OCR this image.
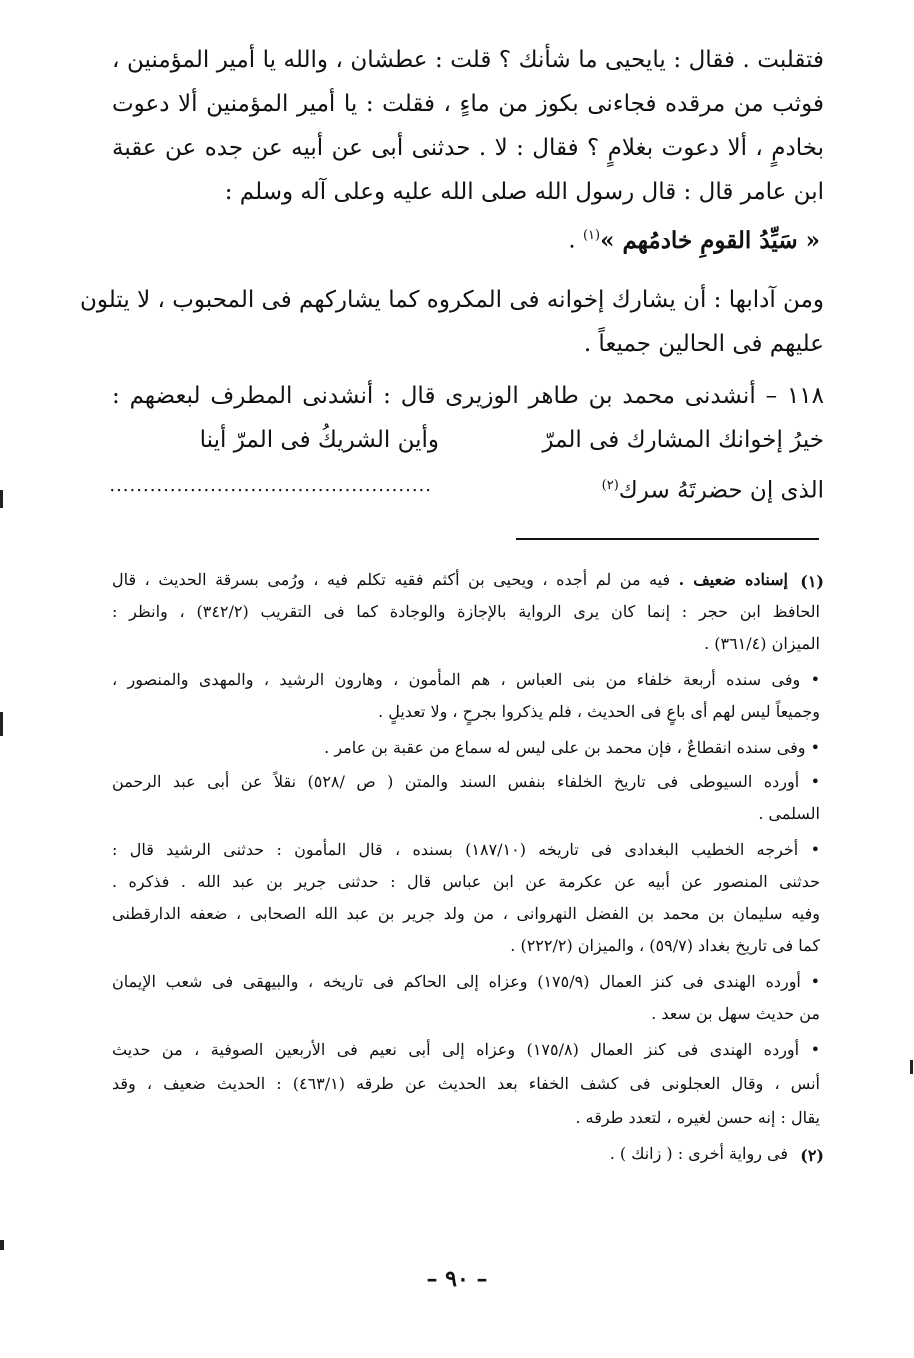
فتقلبت . فقال : يايحيى ما شأنك ؟ قلت : عطشان ، والله يا أمير المؤمنين ،
فوثب من مرقده فجاءنى بكوز من ماءٍ ، فقلت : يا أمير المؤمنين ألا دعوت
بخادمٍ ، ألا دعوت بغلامٍ ؟ فقال : لا . حدثنى أبى عن أبيه عن جده عن عقبة
ابن عامر قال : قال رسول الله صلى الله عليه وعلى آله وسلم :
« سَيِّدُ القومِ خادمُهم »$^{(١)}$ .
ومن آدابها : أن يشارك إخوانه فى المكروه كما يشاركهم فى المحبوب ، لا يتلون
عليهم فى الحالين جميعاً .
١١٨ – أنشدنى محمد بن طاهر الوزيرى قال : أنشدنى المطرف لبعضهم :
خيرُ إخوانك المشارك فى المرّ
وأين الشريكُ فى المرّ أينا
الذى إن حضرتَهُ سرك$^{(٢)}$
................................................
(١)
إسناده ضعيف . فيه من لم أجده ، ويحيى بن أكثم فقيه تكلم فيه ، ورُمى بسرقة الحديث ، قال
الحافظ ابن حجر : إنما كان يرى الرواية بالإجازة والوجادة كما فى التقريب (٣٤٢/٢) ، وانظر :
الميزان (٣٦١/٤) .
• وفى سنده أربعة خلفاء من بنى العباس ، هم المأمون ، وهارون الرشيد ، والمهدى والمنصور ،
وجميعاً ليس لهم أى باعٍ فى الحديث ، فلم يذكروا بجرحٍ ، ولا تعديلٍ .
• وفى سنده انقطاعٌ ، فإن محمد بن على ليس له سماع من عقبة بن عامر .
• أورده السيوطى فى تاريخ الخلفاء بنفس السند والمتن ( ص /٥٢٨) نقلاً عن أبى عبد الرحمن
السلمى .
• أخرجه الخطيب البغدادى فى تاريخه (١٨٧/١٠) بسنده ، قال المأمون : حدثنى الرشيد قال :
حدثنى المنصور عن أبيه عن عكرمة عن ابن عباس قال : حدثنى جرير بن عبد الله . فذكره .
وفيه سليمان بن محمد بن الفضل النهروانى ، من ولد جرير بن عبد الله الصحابى ، ضعفه الدارقطنى
كما فى تاريخ بغداد (٥٩/٧) ، والميزان (٢٢٢/٢) .
• أورده الهندى فى كنز العمال (١٧٥/٩) وعزاه إلى الحاكم فى تاريخه ، والبيهقى فى شعب الإيمان
من حديث سهل بن سعد .
• أورده الهندى فى كنز العمال (١٧٥/٨) وعزاه إلى أبى نعيم فى الأربعين الصوفية ، من حديث
أنس ، وقال العجلونى فى كشف الخفاء بعد الحديث عن طرقه (٤٦٣/١) : الحديث ضعيف ، وقد
يقال : إنه حسن لغيره ، لتعدد طرقه .
(٢)
فى رواية أخرى : ( زانك ) .
– ٩٠ –
